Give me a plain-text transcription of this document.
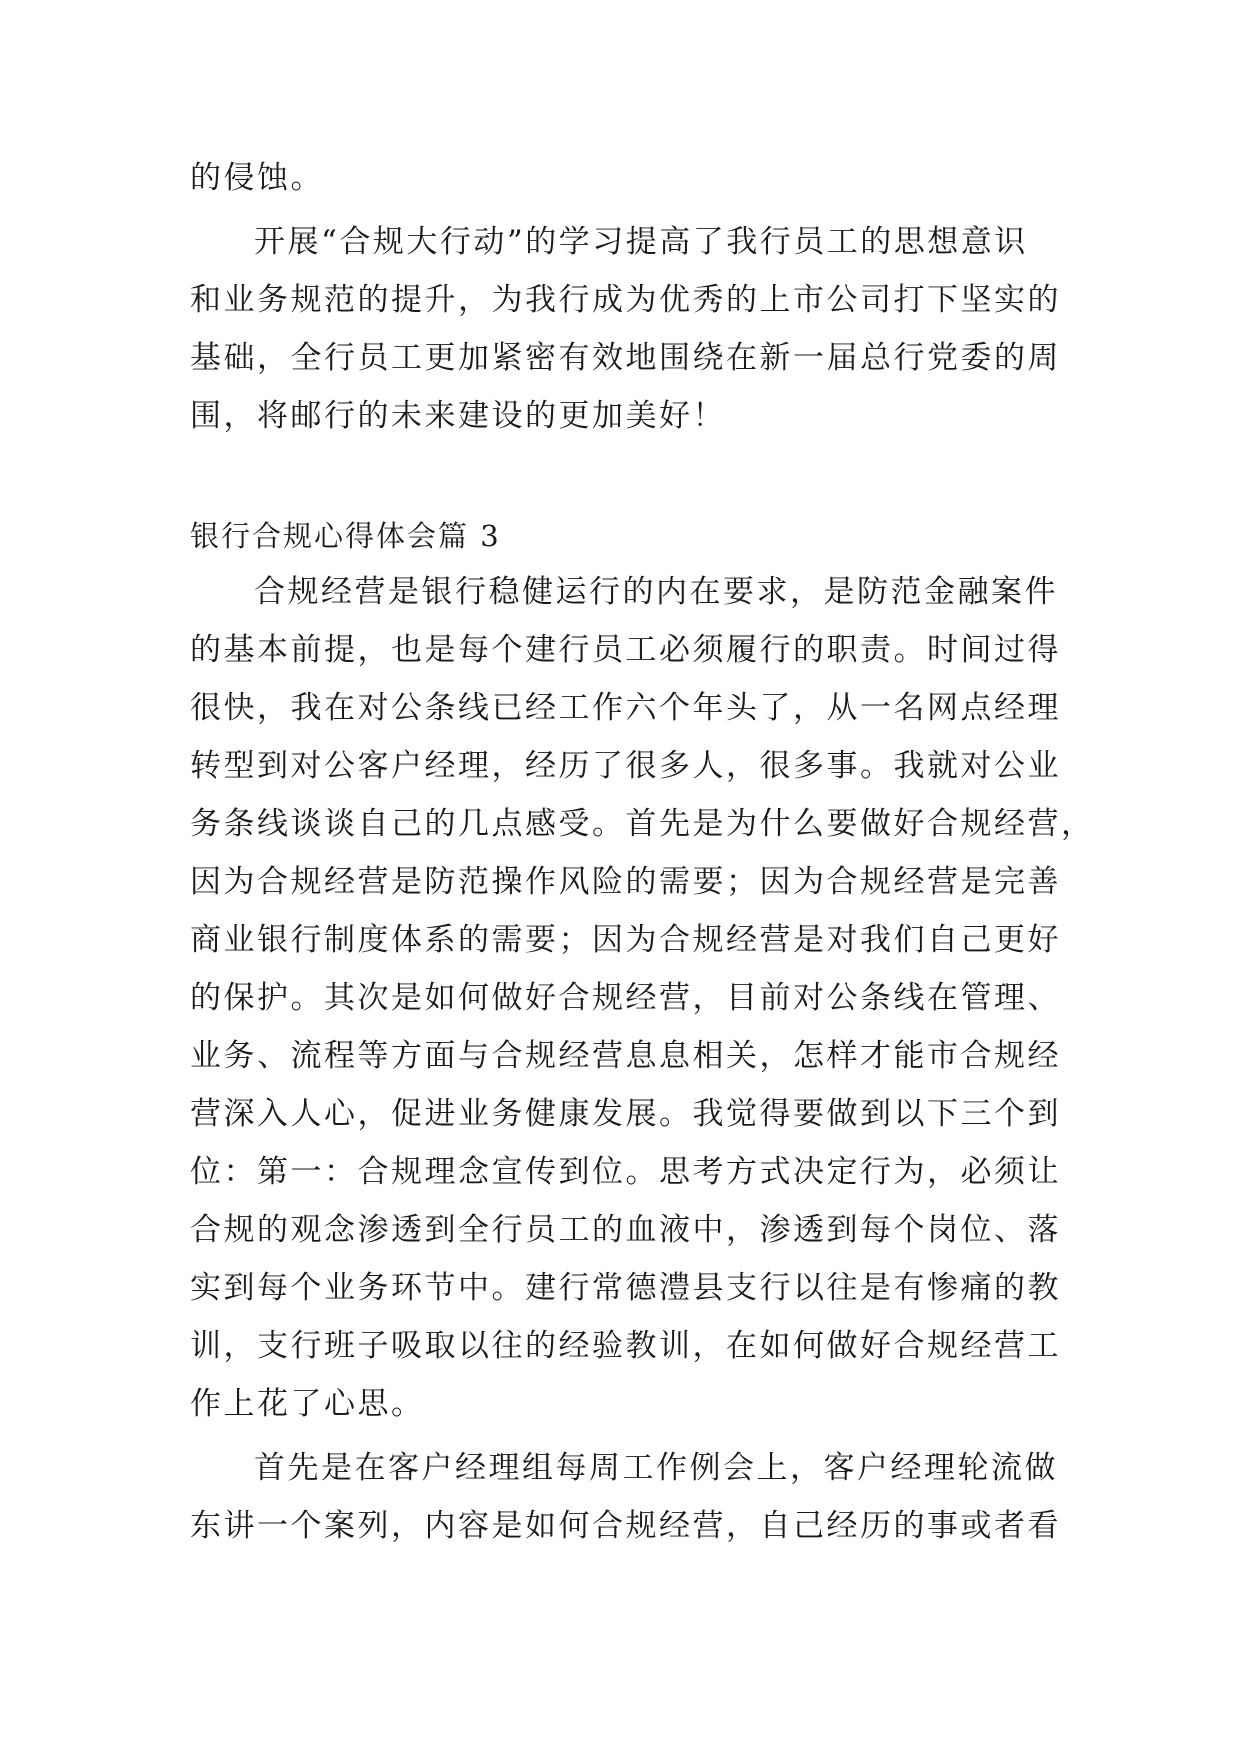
的侵蚀。
开展“合规大行动”的学习提高了我行员工的思想意识
和业务规范的提升，为我行成为优秀的上市公司打下坚实的
基础，全行员工更加紧密有效地围绕在新一届总行党委的周
围，将邮行的未来建设的更加美好！
银行合规心得体会篇 3
合规经营是银行稳健运行的内在要求，是防范金融案件
的基本前提，也是每个建行员工必须履行的职责。时间过得
很快，我在对公条线已经工作六个年头了，从一名网点经理
转型到对公客户经理，经历了很多人，很多事。我就对公业
务条线谈谈自己的几点感受。首先是为什么要做好合规经营，
因为合规经营是防范操作风险的需要；因为合规经营是完善
商业银行制度体系的需要；因为合规经营是对我们自己更好
的保护。其次是如何做好合规经营，目前对公条线在管理、
业务、流程等方面与合规经营息息相关，怎样才能市合规经
营深入人心，促进业务健康发展。我觉得要做到以下三个到
位：第一：合规理念宣传到位。思考方式决定行为，必须让
合规的观念渗透到全行员工的血液中，渗透到每个岗位、落
实到每个业务环节中。建行常德澧县支行以往是有惨痛的教
训，支行班子吸取以往的经验教训，在如何做好合规经营工
作上花了心思。
首先是在客户经理组每周工作例会上，客户经理轮流做
东讲一个案列，内容是如何合规经营，自己经历的事或者看
